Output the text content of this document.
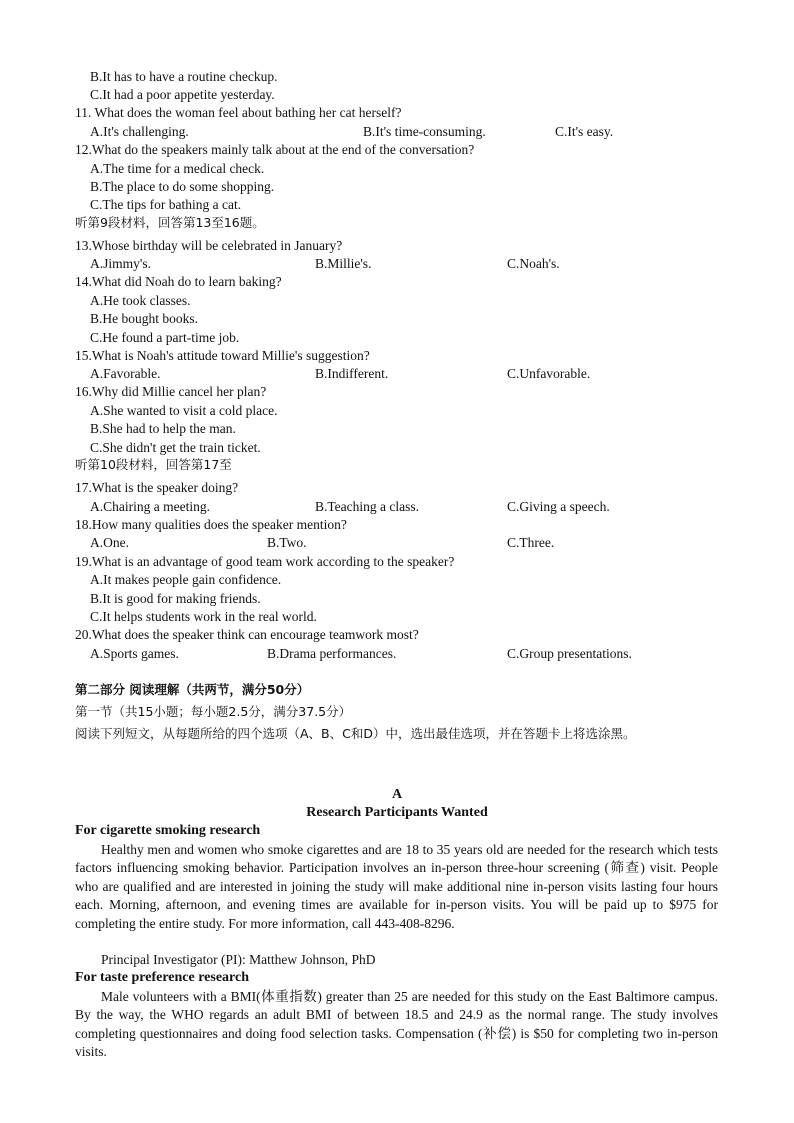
B.It has to have a routine checkup.
C.It had a poor appetite yesterday.
11. What does the woman feel about bathing her cat herself?
A.It's challenging.	B.It's time-consuming.	C.It's easy.
12.What do the speakers mainly talk about at the end of the conversation?
A.The time for a medical check.
B.The place to do some shopping.
C.The tips for bathing a cat.
听第9段材料，回答第13至16题。
13.Whose birthday will be celebrated in January?
A.Jimmy's.	B.Millie's.	C.Noah's.
14.What did Noah do to learn baking?
A.He took classes.
B.He bought books.
C.He found a part-time job.
15.What is Noah's attitude toward Millie's suggestion?
A.Favorable.	B.Indifferent.	C.Unfavorable.
16.Why did Millie cancel her plan?
A.She wanted to visit a cold place.
B.She had to help the man.
C.She didn't get the train ticket.
听第10段材料，回答第17至
17.What is the speaker doing?
A.Chairing a meeting.	B.Teaching a class.	C.Giving a speech.
18.How many qualities does the speaker mention?
A.One.	B.Two.	C.Three.
19.What is an advantage of good team work according to the speaker?
A.It makes people gain confidence.
B.It is good for making friends.
C.It helps students work in the real world.
20.What does the speaker think can encourage teamwork most?
A.Sports games.	B.Drama performances.	C.Group presentations.
第二部分 阅读理解（共两节，满分50分）
第一节（共15小题；每小题2.5分，满分37.5分）
阅读下列短文，从每题所给的四个选项（A、B、C和D）中，选出最佳选项，并在答题卡上将选涂黑。
A
Research Participants Wanted
For cigarette smoking research

Healthy men and women who smoke cigarettes and are 18 to 35 years old are needed for the research which tests factors influencing smoking behavior. Participation involves an in-person three-hour screening (筛查) visit. People who are qualified and are interested in joining the study will make additional nine in-person visits lasting four hours each. Morning, afternoon, and evening times are available for in-person visits. You will be paid up to $975 for completing the entire study. For more information, call 443-408-8296.

Principal Investigator (PI): Matthew Johnson, PhD
For taste preference research

Male volunteers with a BMI(体重指数) greater than 25 are needed for this study on the East Baltimore campus. By the way, the WHO regards an adult BMI of between 18.5 and 24.9 as the normal range. The study involves completing questionnaires and doing food selection tasks. Compensation (补偿) is $50 for completing two in-person visits.
